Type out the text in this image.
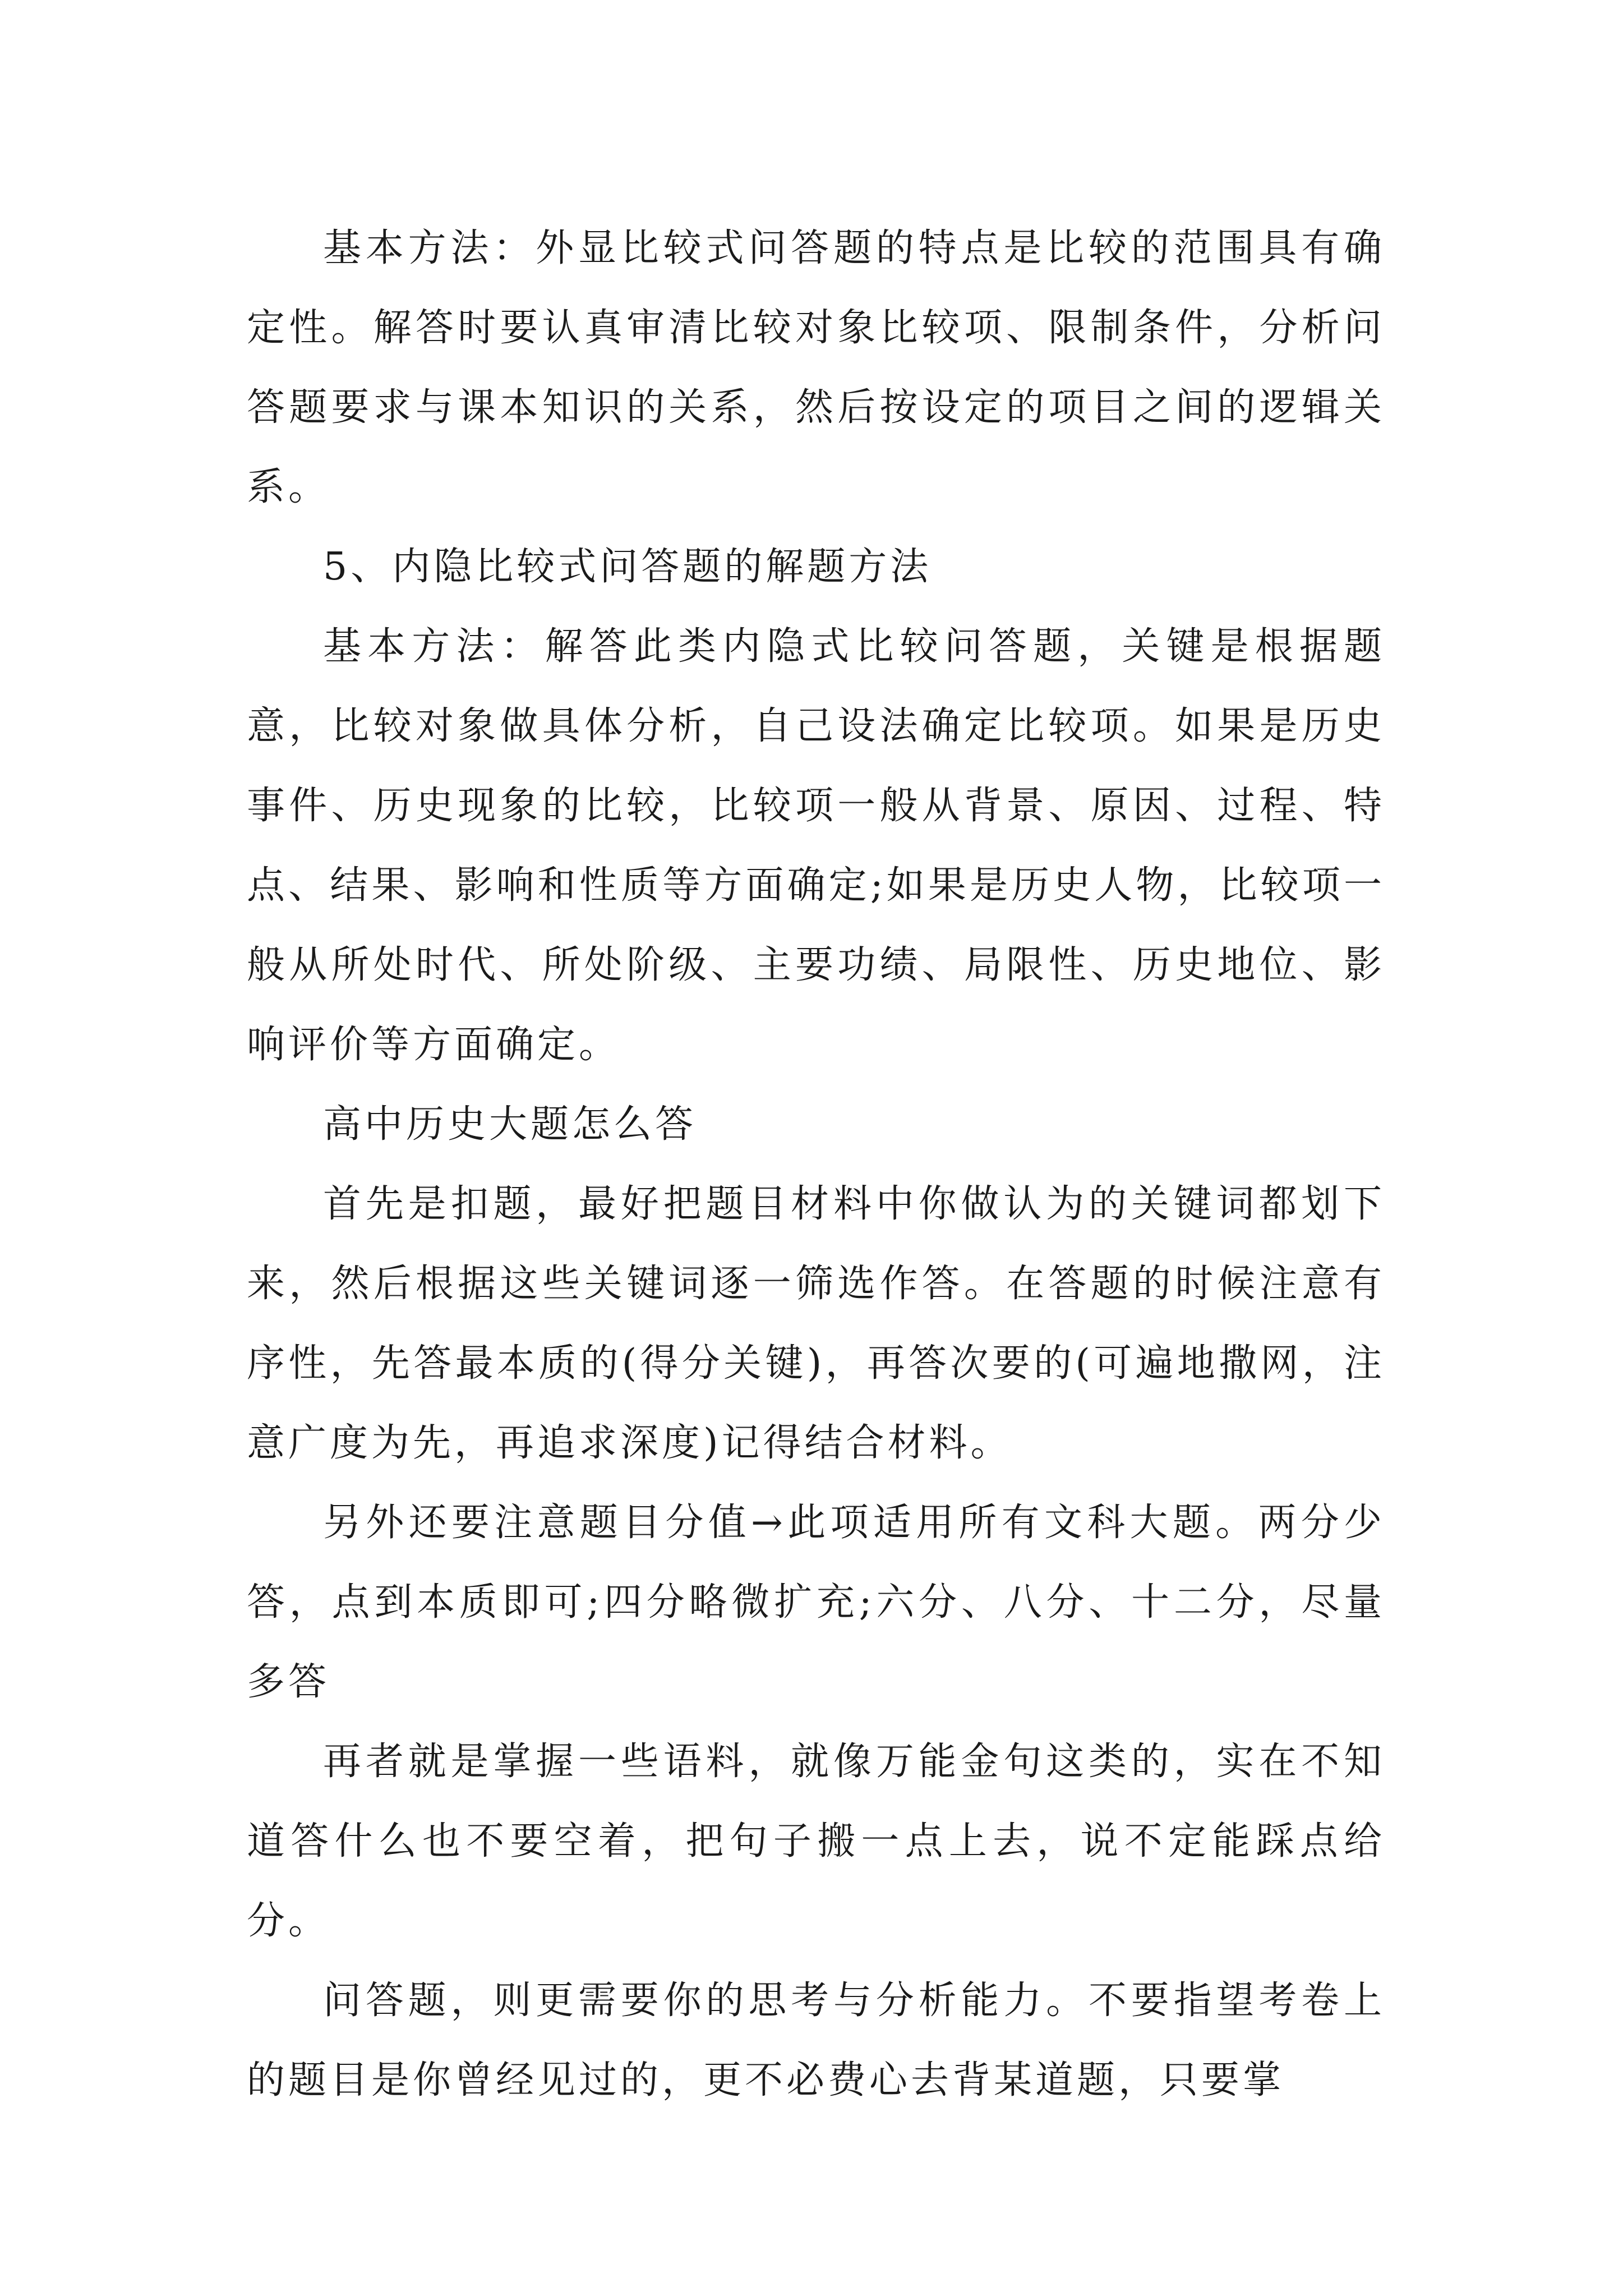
基本方法：外显比较式问答题的特点是比较的范围具有确定性。解答时要认真审清比较对象比较项、限制条件，分析问答题要求与课本知识的关系，然后按设定的项目之间的逻辑关系。

5、内隐比较式问答题的解题方法

基本方法：解答此类内隐式比较问答题，关键是根据题意，比较对象做具体分析，自己设法确定比较项。如果是历史事件、历史现象的比较，比较项一般从背景、原因、过程、特点、结果、影响和性质等方面确定;如果是历史人物，比较项一般从所处时代、所处阶级、主要功绩、局限性、历史地位、影响评价等方面确定。

高中历史大题怎么答

首先是扣题，最好把题目材料中你做认为的关键词都划下来，然后根据这些关键词逐一筛选作答。在答题的时候注意有序性，先答最本质的(得分关键)，再答次要的(可遍地撒网，注意广度为先，再追求深度)记得结合材料。

另外还要注意题目分值→此项适用所有文科大题。两分少答，点到本质即可;四分略微扩充;六分、八分、十二分，尽量多答

再者就是掌握一些语料，就像万能金句这类的，实在不知道答什么也不要空着，把句子搬一点上去，说不定能踩点给分。

问答题，则更需要你的思考与分析能力。不要指望考卷上的题目是你曾经见过的，更不必费心去背某道题，只要掌
